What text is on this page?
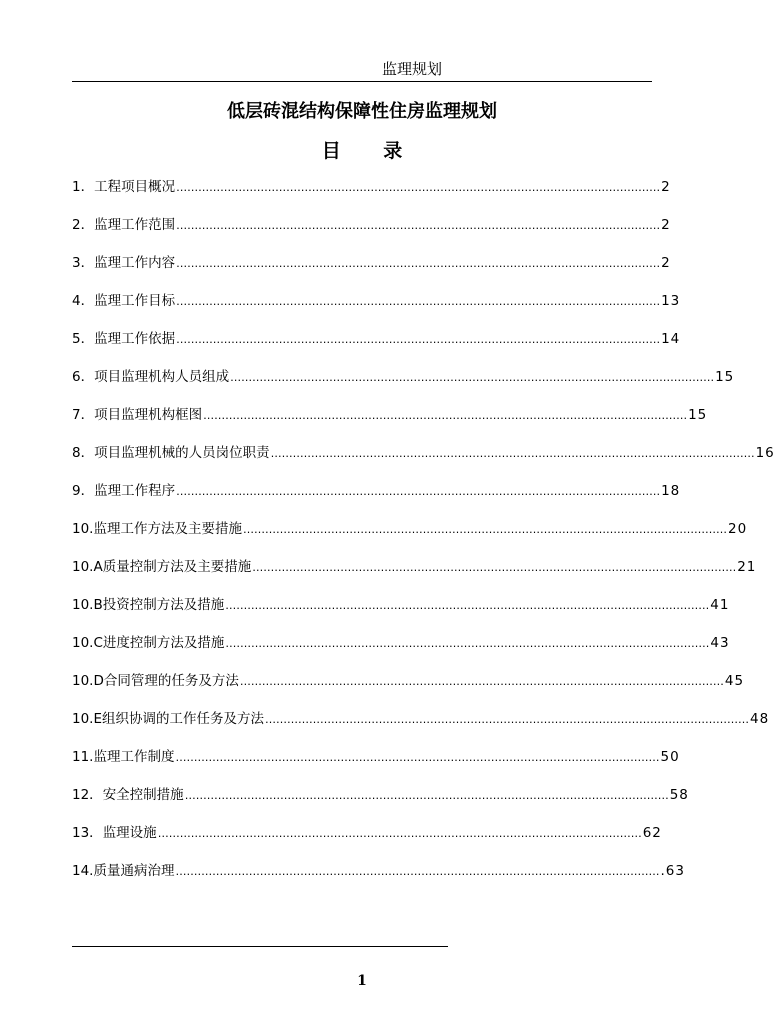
监理规划
低层砖混结构保障性住房监理规划
目 录
1． 工程项目概况 …………………………………………………………………………………………………………………… 2
2． 监理工作范围 …………………………………………………………………………………………………………………… 2
3． 监理工作内容 …………………………………………………………………………………………………………………… 2
4． 监理工作目标 …………………………………………………………………………………………………………………… 13
5． 监理工作依据 …………………………………………………………………………………………………………………… 14
6． 项目监理机构人员组成 …………………………………………………………………………………………………………………… 15
7． 项目监理机构框图 …………………………………………………………………………………………………………………… 15
8． 项目监理机械的人员岗位职责 …………………………………………………………………………………………………………………… 16
9． 监理工作程序 …………………………………………………………………………………………………………………… 18
10. 监理工作方法及主要措施 …………………………………………………………………………………………………………………… 20
10.A 质量控制方法及主要措施 …………………………………………………………………………………………………………………… 21
10.B 投资控制方法及措施 …………………………………………………………………………………………………………………… 41
10.C 进度控制方法及措施 …………………………………………………………………………………………………………………… 43
10.D 合同管理的任务及方法 …………………………………………………………………………………………………………………… 45
10.E 组织协调的工作任务及方法 …………………………………………………………………………………………………………………… 48
11. 监理工作制度 …………………………………………………………………………………………………………………… 50
12． 安全控制措施 …………………………………………………………………………………………………………………… 58
13． 监理设施 …………………………………………………………………………………………………………………… 62
14. 质量通病治理 …………………………………………………………………………………………………………………… .63
1
